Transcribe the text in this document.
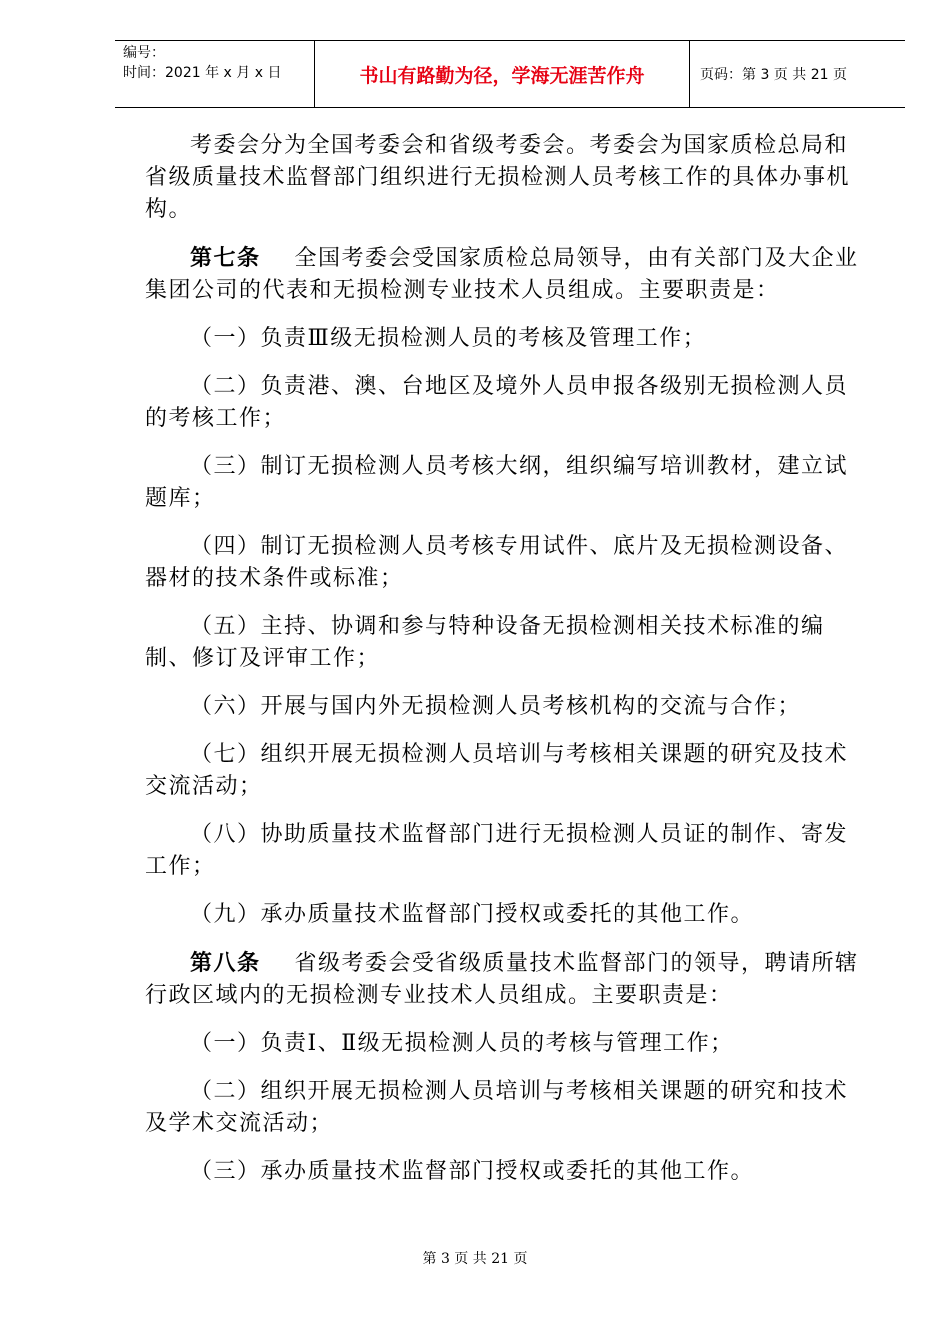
编号：
时间：2021 年 x 月 x 日	书山有路勤为径，学海无涯苦作舟	页码：第 3 页 共 21 页

考委会分为全国考委会和省级考委会。考委会为国家质检总局和省级质量技术监督部门组织进行无损检测人员考核工作的具体办事机构。

第七条 全国考委会受国家质检总局领导，由有关部门及大企业集团公司的代表和无损检测专业技术人员组成。主要职责是：

（一）负责Ⅲ级无损检测人员的考核及管理工作；

（二）负责港、澳、台地区及境外人员申报各级别无损检测人员的考核工作；

（三）制订无损检测人员考核大纲，组织编写培训教材，建立试题库；

（四）制订无损检测人员考核专用试件、底片及无损检测设备、器材的技术条件或标准；

（五）主持、协调和参与特种设备无损检测相关技术标准的编制、修订及评审工作；

（六）开展与国内外无损检测人员考核机构的交流与合作；

（七）组织开展无损检测人员培训与考核相关课题的研究及技术交流活动；

（八）协助质量技术监督部门进行无损检测人员证的制作、寄发工作；

（九）承办质量技术监督部门授权或委托的其他工作。

第八条 省级考委会受省级质量技术监督部门的领导，聘请所辖行政区域内的无损检测专业技术人员组成。主要职责是：

（一）负责Ⅰ、Ⅱ级无损检测人员的考核与管理工作；

（二）组织开展无损检测人员培训与考核相关课题的研究和技术及学术交流活动；

（三）承办质量技术监督部门授权或委托的其他工作。

第 3 页 共 21 页
